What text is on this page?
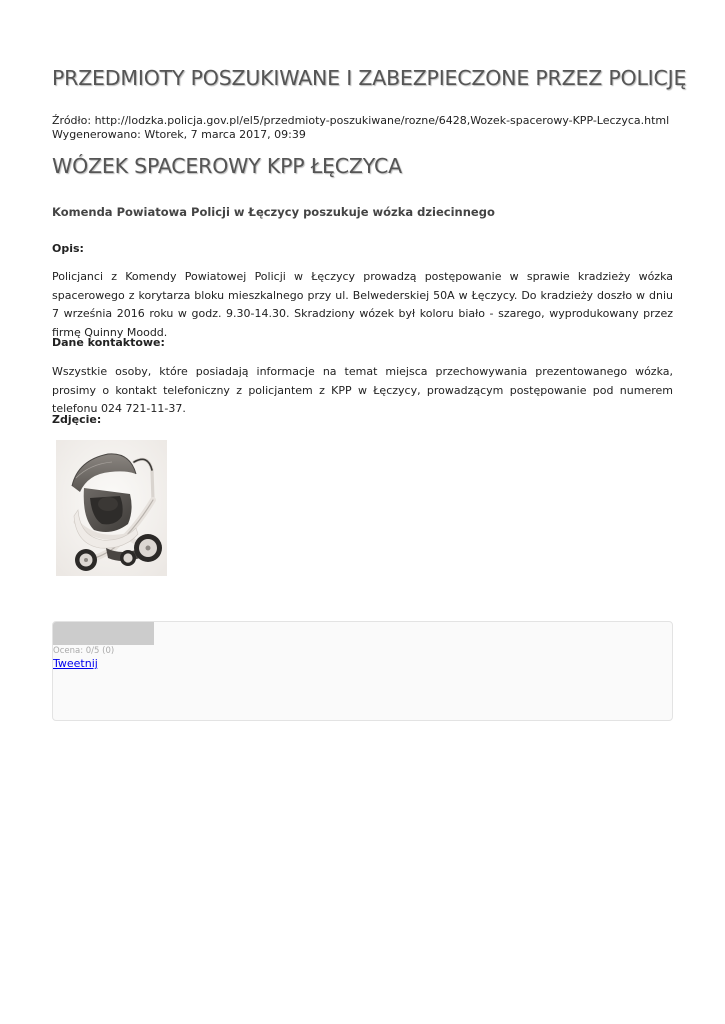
PRZEDMIOTY POSZUKIWANE I ZABEZPIECZONE PRZEZ POLICJĘ
Źródło: http://lodzka.policja.gov.pl/el5/przedmioty-poszukiwane/rozne/6428,Wozek-spacerowy-KPP-Leczyca.html
Wygenerowano: Wtorek, 7 marca 2017, 09:39
WÓZEK SPACEROWY KPP ŁĘCZYCA
Komenda Powiatowa Policji w Łęczycy poszukuje wózka dziecinnego
Opis:
Policjanci z Komendy Powiatowej Policji w Łęczycy prowadzą postępowanie w sprawie kradzieży wózka spacerowego z korytarza bloku mieszkalnego przy ul. Belwederskiej 50A w Łęczycy. Do kradzieży doszło w dniu 7 września 2016 roku w godz. 9.30-14.30. Skradziony wózek był koloru biało - szarego, wyprodukowany przez firmę Quinny Moodd.
Dane kontaktowe:
Wszystkie osoby, które posiadają informacje na temat miejsca przechowywania prezentowanego wózka, prosimy o kontakt telefoniczny z policjantem z KPP w Łęczycy, prowadzącym postępowanie pod numerem telefonu 024 721-11-37.
Zdjęcie:
Ocena: 0/5 (0)
Tweetnij
